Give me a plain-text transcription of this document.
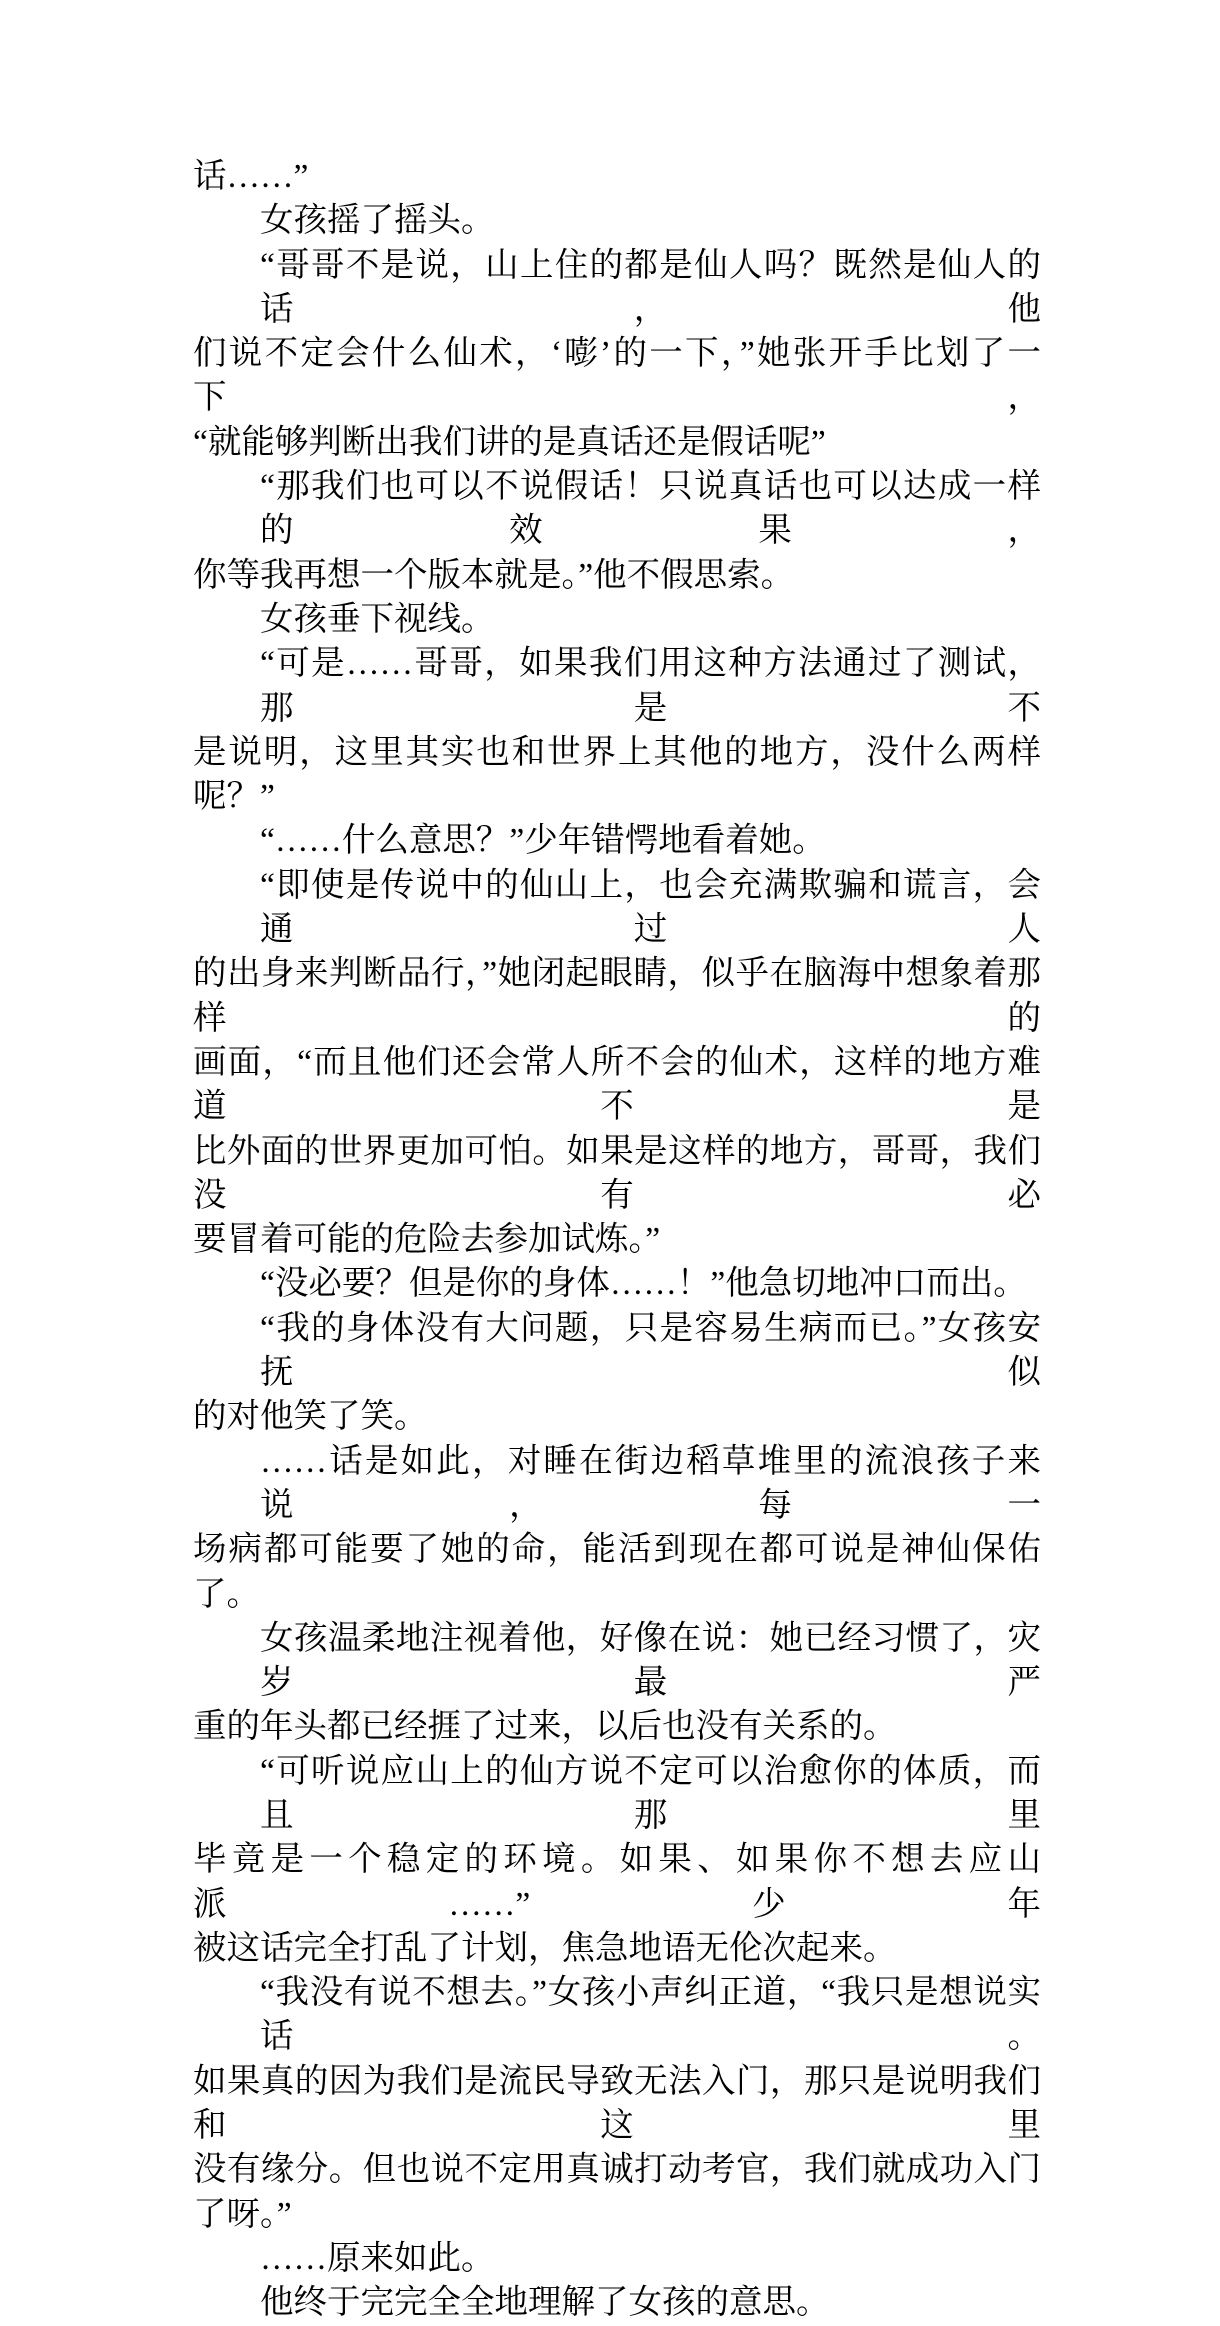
话……”
女孩摇了摇头。
“哥哥不是说，山上住的都是仙人吗？既然是仙人的话，他
们说不定会什么仙术，‘嘭’的一下，”她张开手比划了一下，
“就能够判断出我们讲的是真话还是假话呢”
“那我们也可以不说假话！只说真话也可以达成一样的效果，
你等我再想一个版本就是。”他不假思索。
女孩垂下视线。
“可是……哥哥，如果我们用这种方法通过了测试，那是不
是说明，这里其实也和世界上其他的地方，没什么两样呢？”
“……什么意思？”少年错愕地看着她。
“即使是传说中的仙山上，也会充满欺骗和谎言，会通过人
的出身来判断品行，”她闭起眼睛，似乎在脑海中想象着那样的
画面，“而且他们还会常人所不会的仙术，这样的地方难道不是
比外面的世界更加可怕。如果是这样的地方，哥哥，我们没有必
要冒着可能的危险去参加试炼。”
“没必要？但是你的身体……！”他急切地冲口而出。
“我的身体没有大问题，只是容易生病而已。”女孩安抚似
的对他笑了笑。
……话是如此，对睡在街边稻草堆里的流浪孩子来说，每一
场病都可能要了她的命，能活到现在都可说是神仙保佑了。
女孩温柔地注视着他，好像在说：她已经习惯了，灾岁最严
重的年头都已经捱了过来，以后也没有关系的。
“可听说应山上的仙方说不定可以治愈你的体质，而且那里
毕竟是一个稳定的环境。如果、如果你不想去应山派……”少年
被这话完全打乱了计划，焦急地语无伦次起来。
“我没有说不想去。”女孩小声纠正道，“我只是想说实话。
如果真的因为我们是流民导致无法入门，那只是说明我们和这里
没有缘分。但也说不定用真诚打动考官，我们就成功入门了呀。”
……原来如此。
他终于完完全全地理解了女孩的意思。
